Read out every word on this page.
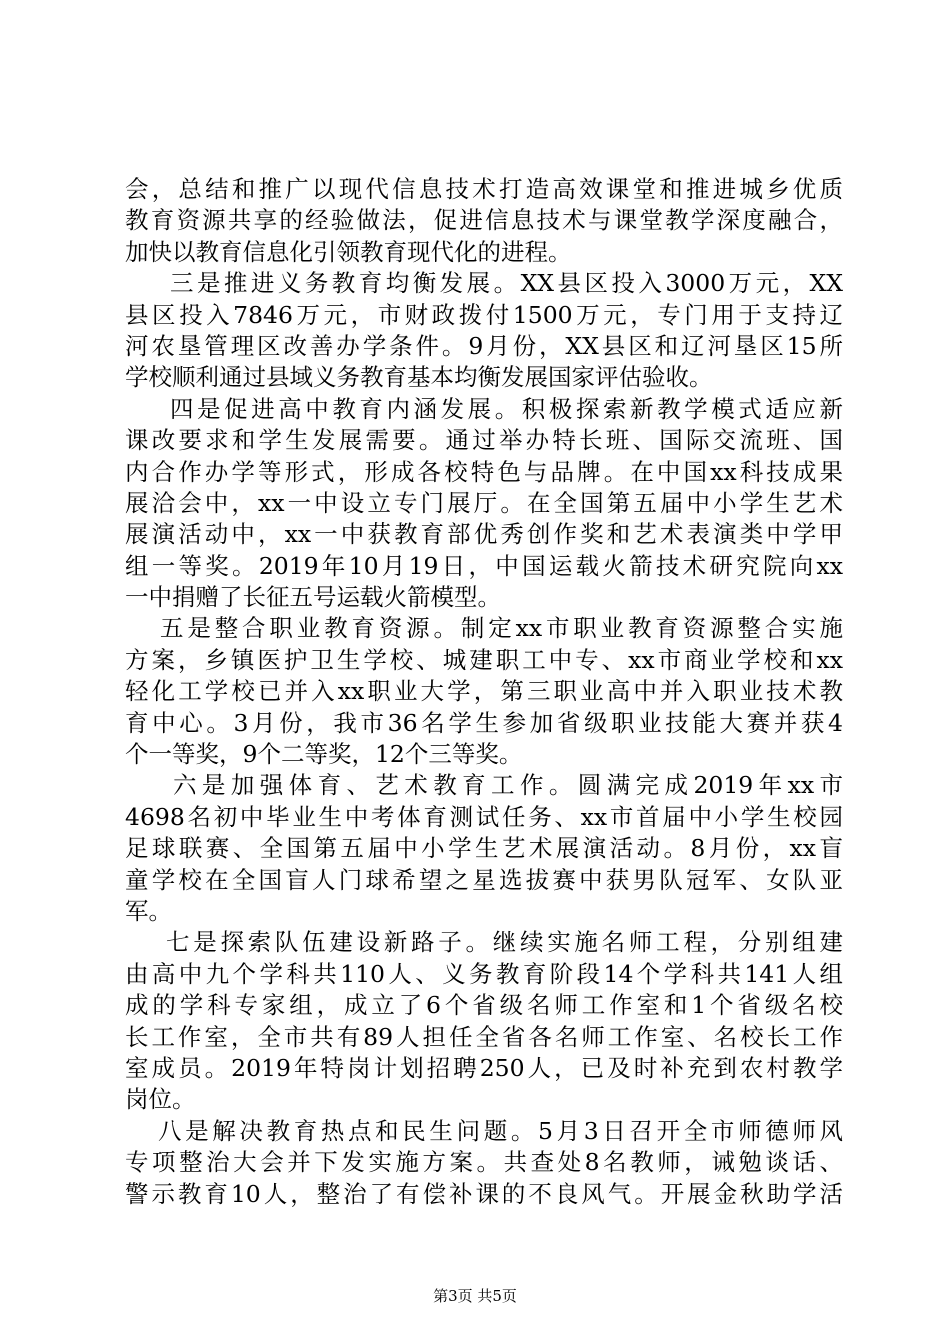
会，总结和推广以现代信息技术打造高效课堂和推进城乡优质
教育资源共享的经验做法，促进信息技术与课堂教学深度融合，
加快以教育信息化引领教育现代化的进程。
三是推进义务教育均衡发展。XX县区投入3000万元，XX
县区投入7846万元，市财政拨付1500万元，专门用于支持辽
河农垦管理区改善办学条件。9月份，XX县区和辽河垦区15所
学校顺利通过县域义务教育基本均衡发展国家评估验收。
四是促进高中教育内涵发展。积极探索新教学模式适应新
课改要求和学生发展需要。通过举办特长班、国际交流班、国
内合作办学等形式，形成各校特色与品牌。在中国xx科技成果
展洽会中，xx一中设立专门展厅。在全国第五届中小学生艺术
展演活动中，xx一中获教育部优秀创作奖和艺术表演类中学甲
组一等奖。2019年10月19日，中国运载火箭技术研究院向xx
一中捐赠了长征五号运载火箭模型。
五是整合职业教育资源。制定xx市职业教育资源整合实施
方案，乡镇医护卫生学校、城建职工中专、xx市商业学校和xx
轻化工学校已并入xx职业大学，第三职业高中并入职业技术教
育中心。3月份，我市36名学生参加省级职业技能大赛并获4
个一等奖，9个二等奖，12个三等奖。
六是加强体育、艺术教育工作。圆满完成2019年xx市
4698名初中毕业生中考体育测试任务、xx市首届中小学生校园
足球联赛、全国第五届中小学生艺术展演活动。8月份，xx盲
童学校在全国盲人门球希望之星选拔赛中获男队冠军、女队亚
军。
七是探索队伍建设新路子。继续实施名师工程，分别组建
由高中九个学科共110人、义务教育阶段14个学科共141人组
成的学科专家组，成立了6个省级名师工作室和1个省级名校
长工作室，全市共有89人担任全省各名师工作室、名校长工作
室成员。2019年特岗计划招聘250人，已及时补充到农村教学
岗位。
八是解决教育热点和民生问题。5月3日召开全市师德师风
专项整治大会并下发实施方案。共查处8名教师，诫勉谈话、
警示教育10人，整治了有偿补课的不良风气。开展金秋助学活
第3页 共5页
